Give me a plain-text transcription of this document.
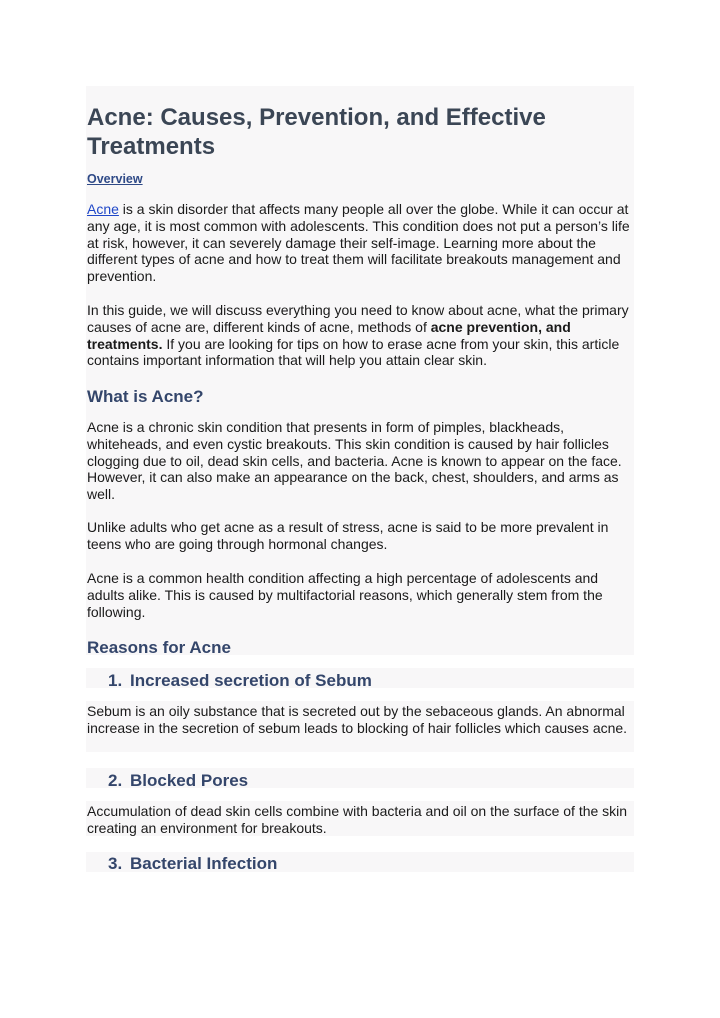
Acne: Causes, Prevention, and Effective Treatments

Overview

Acne is a skin disorder that affects many people all over the globe. While it can occur at any age, it is most common with adolescents. This condition does not put a person’s life at risk, however, it can severely damage their self-image. Learning more about the different types of acne and how to treat them will facilitate breakouts management and prevention.

In this guide, we will discuss everything you need to know about acne, what the primary causes of acne are, different kinds of acne, methods of acne prevention, and treatments. If you are looking for tips on how to erase acne from your skin, this article contains important information that will help you attain clear skin.

What is Acne?

Acne is a chronic skin condition that presents in form of pimples, blackheads, whiteheads, and even cystic breakouts. This skin condition is caused by hair follicles clogging due to oil, dead skin cells, and bacteria. Acne is known to appear on the face. However, it can also make an appearance on the back, chest, shoulders, and arms as well.

Unlike adults who get acne as a result of stress, acne is said to be more prevalent in teens who are going through hormonal changes.

Acne is a common health condition affecting a high percentage of adolescents and adults alike. This is caused by multifactorial reasons, which generally stem from the following.

Reasons for Acne

1. Increased secretion of Sebum

Sebum is an oily substance that is secreted out by the sebaceous glands. An abnormal increase in the secretion of sebum leads to blocking of hair follicles which causes acne.

2. Blocked Pores

Accumulation of dead skin cells combine with bacteria and oil on the surface of the skin creating an environment for breakouts.

3. Bacterial Infection
